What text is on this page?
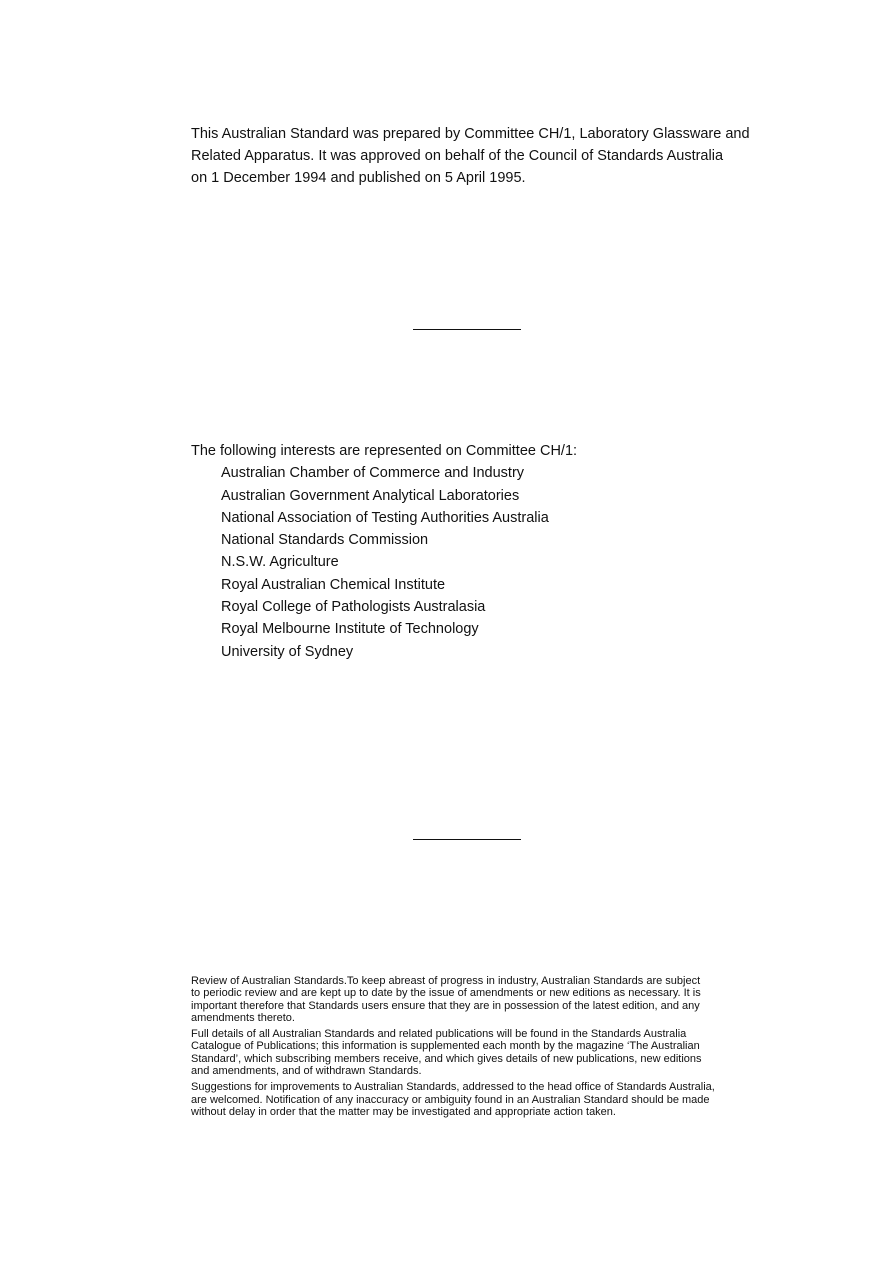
This Australian Standard was prepared by Committee CH/1, Laboratory Glassware and
Related Apparatus. It was approved on behalf of the Council of Standards Australia
on 1 December 1994 and published on 5 April 1995.
The following interests are represented on Committee CH/1:
Australian Chamber of Commerce and Industry
Australian Government Analytical Laboratories
National Association of Testing Authorities Australia
National Standards Commission
N.S.W. Agriculture
Royal Australian Chemical Institute
Royal College of Pathologists Australasia
Royal Melbourne Institute of Technology
University of Sydney
Review of Australian Standards.To keep abreast of progress in industry, Australian Standards are subject
to periodic review and are kept up to date by the issue of amendments or new editions as necessary. It is
important therefore that Standards users ensure that they are in possession of the latest edition, and any
amendments thereto.
Full details of all Australian Standards and related publications will be found in the Standards Australia
Catalogue of Publications; this information is supplemented each month by the magazine ‘The Australian
Standard’, which subscribing members receive, and which gives details of new publications, new editions
and amendments, and of withdrawn Standards.
Suggestions for improvements to Australian Standards, addressed to the head office of Standards Australia,
are welcomed. Notification of any inaccuracy or ambiguity found in an Australian Standard should be made
without delay in order that the matter may be investigated and appropriate action taken.
